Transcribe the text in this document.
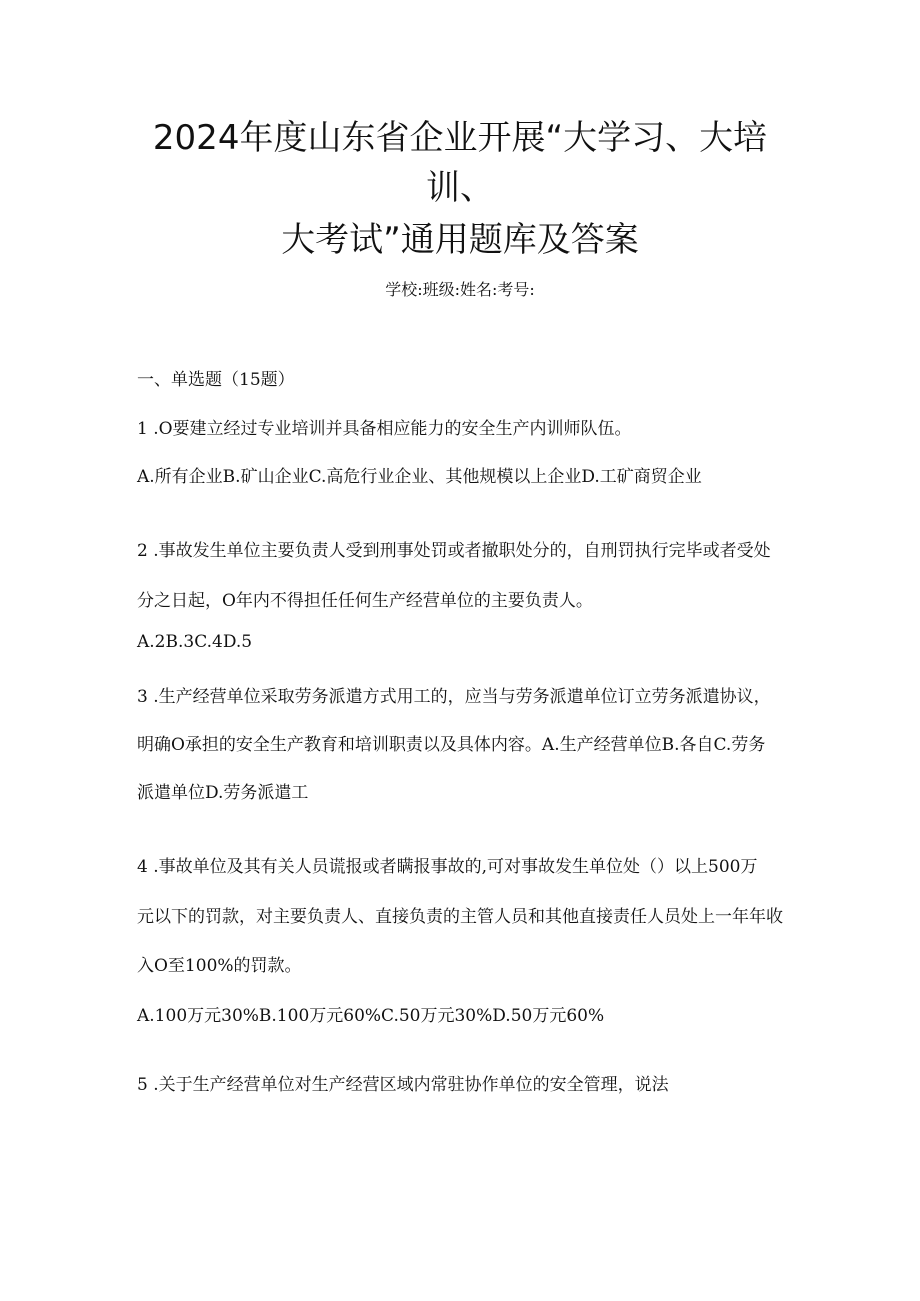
2024年度山东省企业开展“大学习、大培
训、
大考试”通用题库及答案
学校:班级:姓名:考号:
一、单选题（15题）
1 .O要建立经过专业培训并具备相应能力的安全生产内训师队伍。
A.所有企业B.矿山企业C.高危行业企业、其他规模以上企业D.工矿商贸企业
2 .事故发生单位主要负责人受到刑事处罚或者撤职处分的，自刑罚执行完毕或者受处
分之日起，O年内不得担任任何生产经营单位的主要负责人。
A.2B.3C.4D.5
3 .生产经营单位采取劳务派遣方式用工的，应当与劳务派遣单位订立劳务派遣协议，
明确O承担的安全生产教育和培训职责以及具体内容。A.生产经营单位B.各自C.劳务
派遣单位D.劳务派遣工
4 .事故单位及其有关人员谎报或者瞒报事故的,可对事故发生单位处（）以上500万
元以下的罚款，对主要负责人、直接负责的主管人员和其他直接责任人员处上一年年收
入O至100%的罚款。
A.100万元30%B.100万元60%C.50万元30%D.50万元60%
5 .关于生产经营单位对生产经营区域内常驻协作单位的安全管理，说法
